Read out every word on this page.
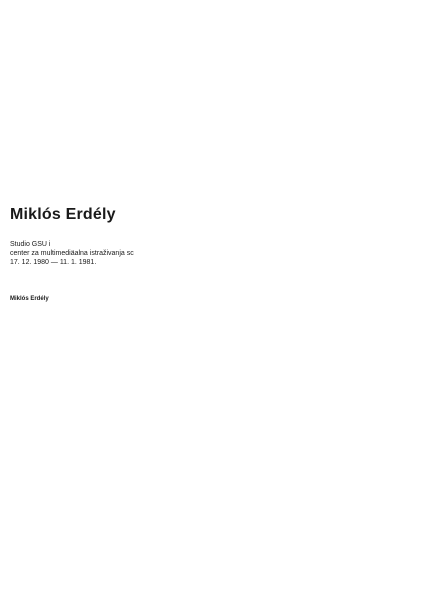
Miklós Erdély
Studio GSU i
center za multimediäalna istraživanja sc
17. 12. 1980 — 11. 1. 1981.
Miklós Erdély
